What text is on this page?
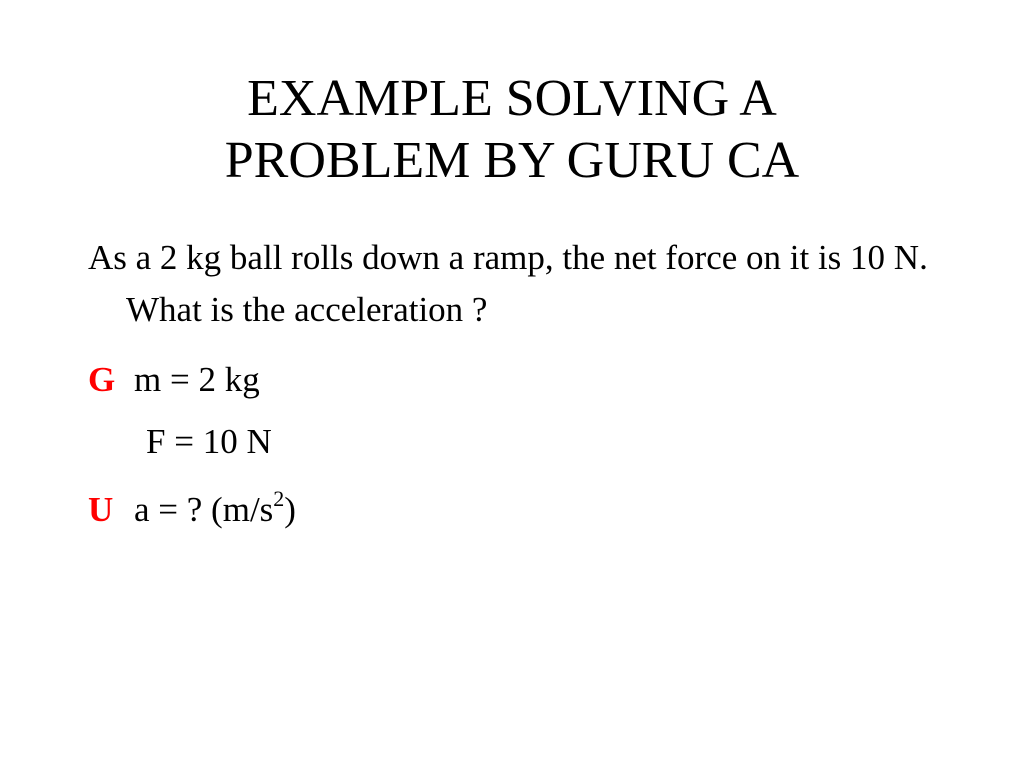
EXAMPLE SOLVING A
PROBLEM BY GURU CA

As a 2 kg ball rolls down a ramp, the net force on it is 10 N. What is the acceleration ?

G m = 2 kg

F = 10 N

U a = ? $(m/s^2)$
